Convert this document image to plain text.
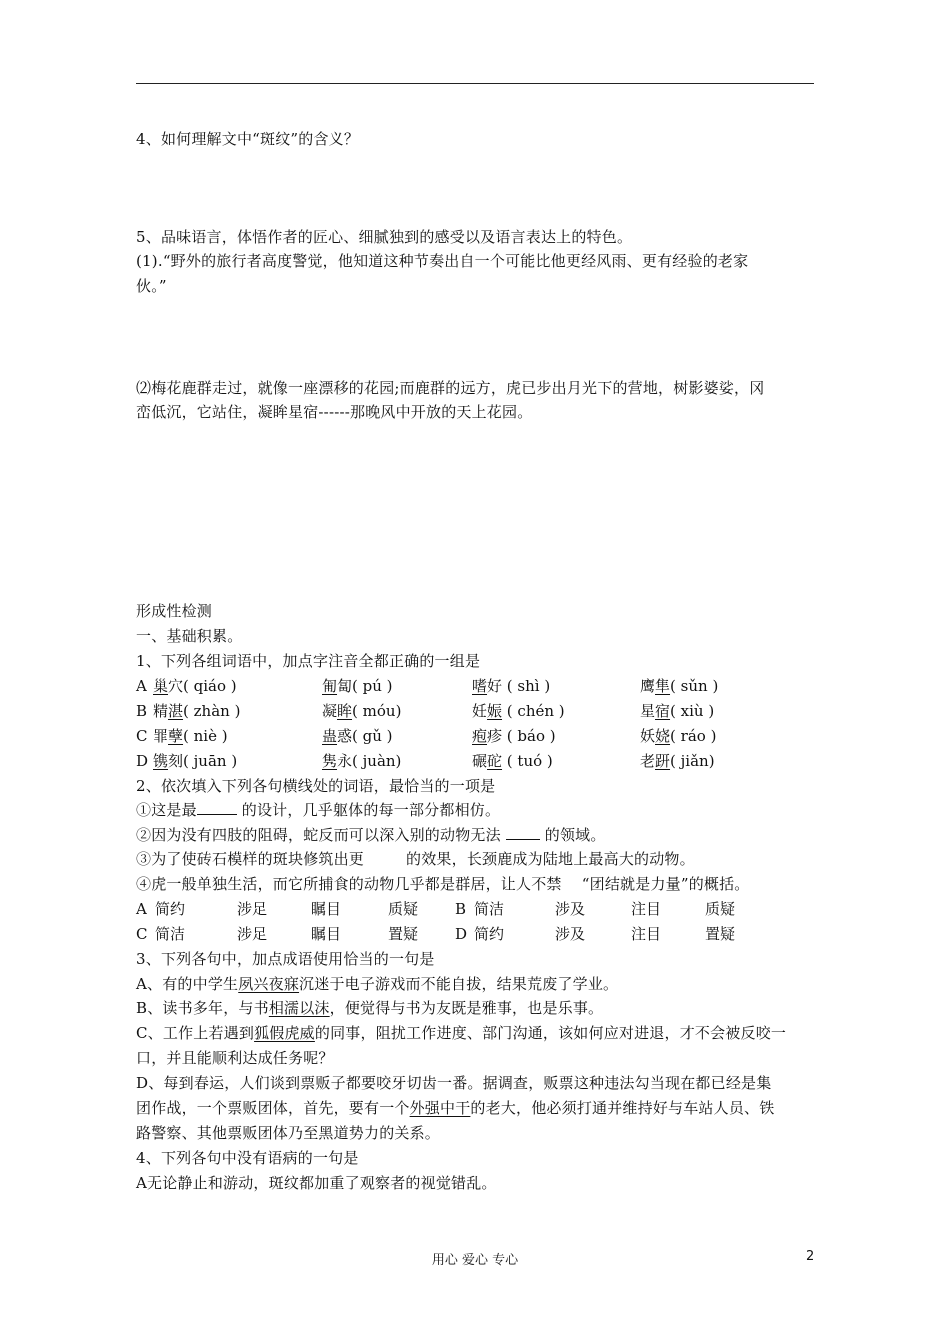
4、如何理解文中“斑纹”的含义？
5、品味语言，体悟作者的匠心、细腻独到的感受以及语言表达上的特色。
(1).“野外的旅行者高度警觉，他知道这种节奏出自一个可能比他更经风雨、更有经验的老家
伙。”
⑵梅花鹿群走过，就像一座漂移的花园;而鹿群的远方，虎已步出月光下的营地，树影婆娑，冈
峦低沉，它站住，凝眸星宿------那晚风中开放的天上花园。
形成性检测
一、基础积累。
1、下列各组词语中，加点字注音全都正确的一组是
A 巢穴( qiáo )	匍匐( pú )	嗜好 ( shì )	鹰隼( sǔn )
B 精湛( zhàn )	凝眸( móu)	妊娠 ( chén )	星宿( xiù )
C 罪孽( niè )	蛊惑( gǔ )	疱疹 ( báo )	妖娆( ráo )
D 镌刻( juān )	隽永( juàn)	碾砣 ( tuó )	老趼( jiǎn)
2、依次填入下列各句横线处的词语，最恰当的一项是
①这是最	的设计，几乎躯体的每一部分都相仿。
②因为没有四肢的阻碍，蛇反而可以深入别的动物无法  的领域。
③为了使砖石模样的斑块修筑出更	的效果，长颈鹿成为陆地上最高大的动物。
④虎一般单独生活，而它所捕食的动物几乎都是群居，让人不禁　 “团结就是力量”的概括。
A 简约	涉足	瞩目	质疑 B 简洁	涉及	注目	质疑
C 简洁	涉足	瞩目	置疑 D 简约	涉及	注目	置疑
3、下列各句中，加点成语使用恰当的一句是
A、有的中学生夙兴夜寐沉迷于电子游戏而不能自拔，结果荒废了学业。
B、读书多年，与书相濡以沫，便觉得与书为友既是雅事，也是乐事。
C、工作上若遇到狐假虎威的同事，阻扰工作进度、部门沟通，该如何应对进退，才不会被反咬一
口，并且能顺利达成任务呢？
D、每到春运，人们谈到票贩子都要咬牙切齿一番。据调查，贩票这种违法勾当现在都已经是集
团作战，一个票贩团体，首先，要有一个外强中干的老大，他必须打通并维持好与车站人员、铁
路警察、其他票贩团体乃至黑道势力的关系。
4、下列各句中没有语病的一句是
A无论静止和游动，斑纹都加重了观察者的视觉错乱。
用心 爱心 专心	2
